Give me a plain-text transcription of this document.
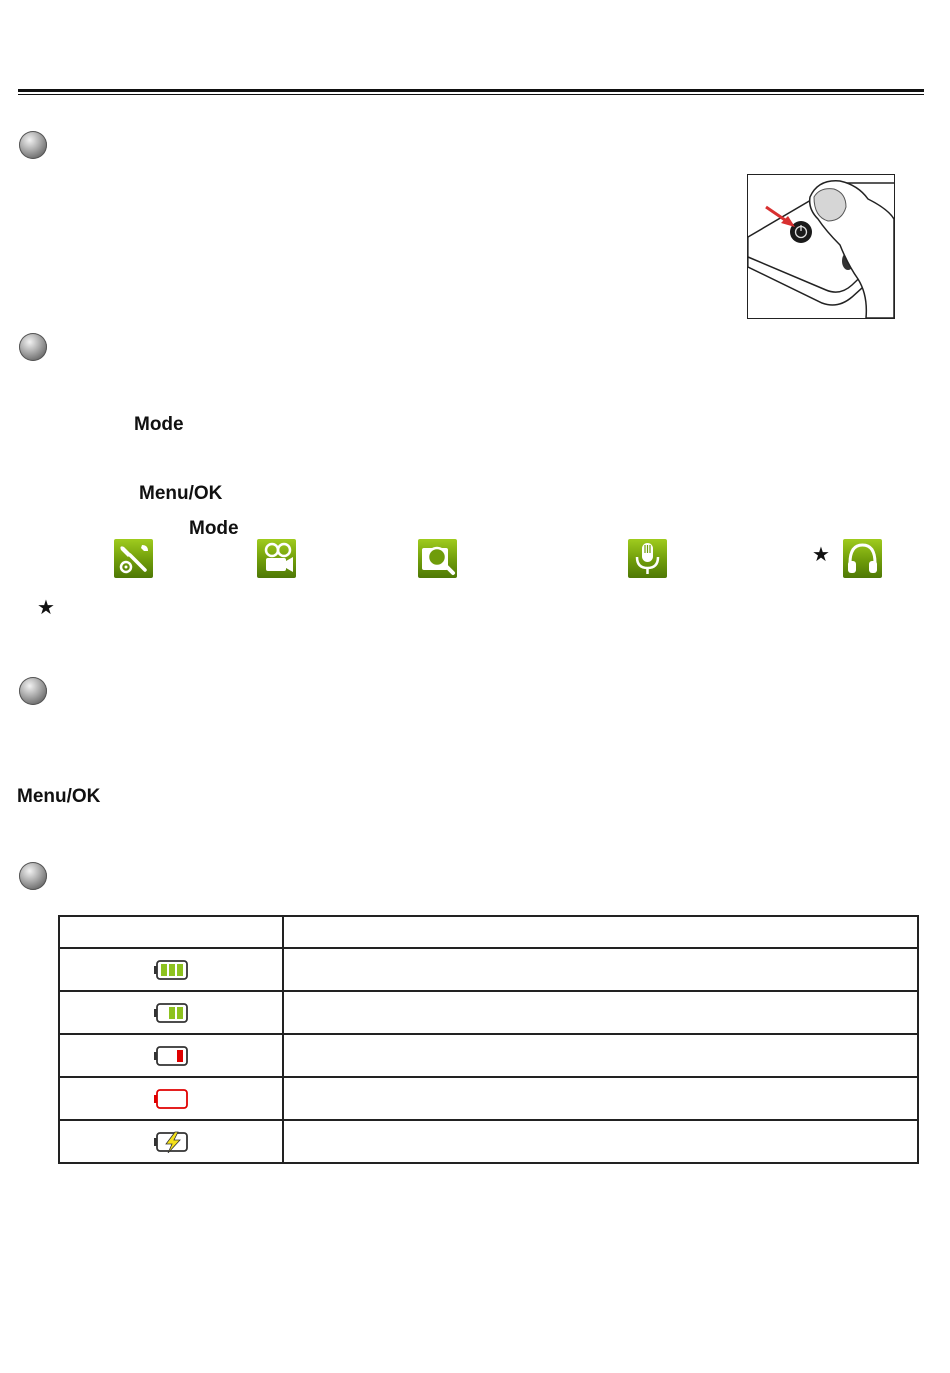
Mode
Menu/OK
Mode
★
★
Menu/OK
